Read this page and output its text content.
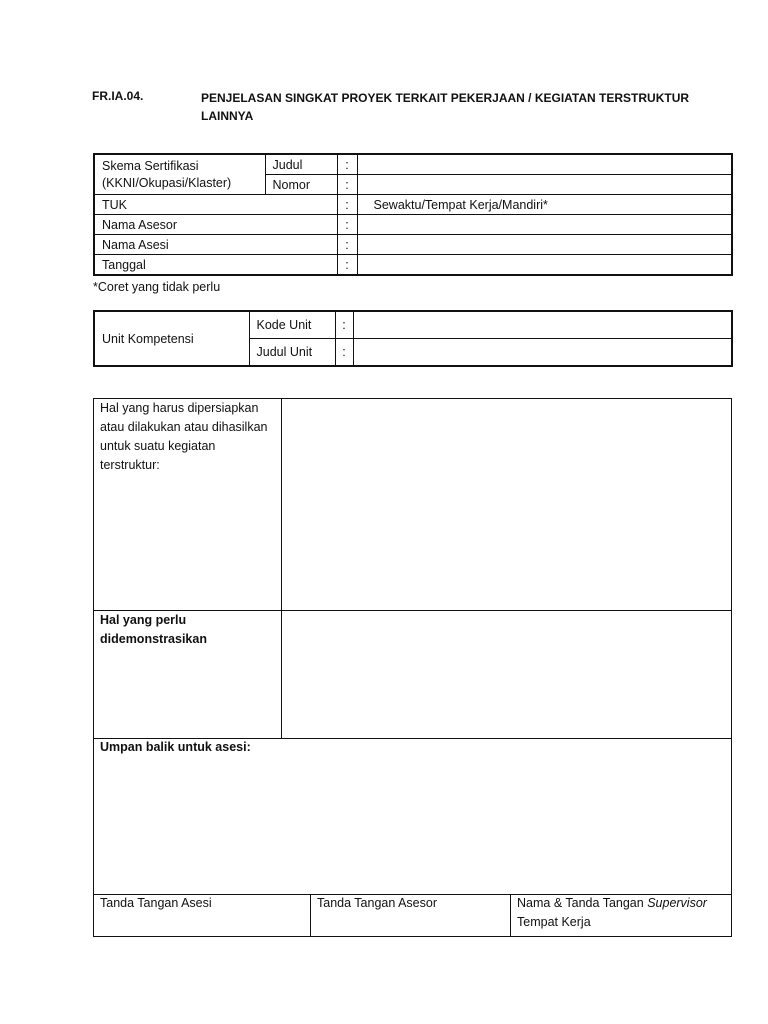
FR.IA.04.	PENJELASAN SINGKAT PROYEK TERKAIT PEKERJAAN / KEGIATAN TERSTRUKTUR LAINNYA
Skema Sertifikasi
(KKNI/Okupasi/Klaster)	Judul	:	
	Nomor	:	
TUK		:	Sewaktu/Tempat Kerja/Mandiri*
Nama Asesor		:	
Nama Asesi		:	
Tanggal		:	
*Coret yang tidak perlu
Unit Kompetensi	Kode Unit	:	
	Judul Unit	:	
Hal yang harus dipersiapkan atau dilakukan atau dihasilkan untuk suatu kegiatan terstruktur:
Hal yang perlu didemonstrasikan
Umpan balik untuk asesi:
Tanda Tangan Asesi	Tanda Tangan Asesor	Nama & Tanda Tangan Supervisor
Tempat Kerja
